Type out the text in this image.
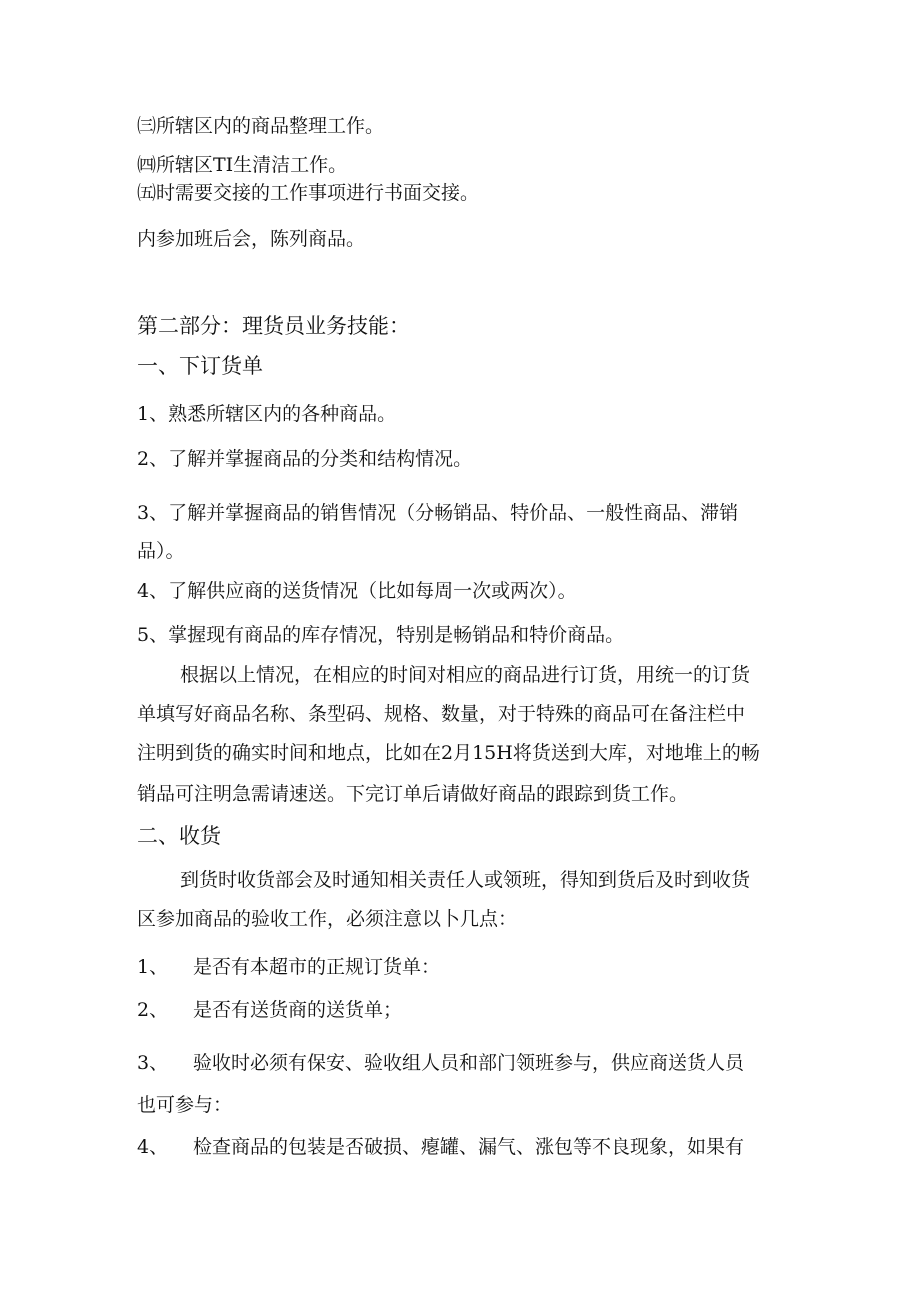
㈢所辖区内的商品整理工作。

㈣所辖区TI生清洁工作。

㈤时需要交接的工作事项进行书面交接。

内参加班后会，陈列商品。

第二部分：理货员业务技能：

一、下订货单

1、熟悉所辖区内的各种商品。

2、了解并掌握商品的分类和结构情况。

3、了解并掌握商品的销售情况（分畅销品、特价品、一般性商品、滞销

品）。

4、了解供应商的送货情况（比如每周一次或两次）。

5、掌握现有商品的库存情况，特别是畅销品和特价商品。

根据以上情况，在相应的时间对相应的商品进行订货，用统一的订货

单填写好商品名称、条型码、规格、数量，对于特殊的商品可在备注栏中

注明到货的确实时间和地点，比如在2月15H将货送到大库，对地堆上的畅

销品可注明急需请速送。下完订单后请做好商品的跟踪到货工作。

二、收货

到货时收货部会及时通知相关责任人或领班，得知到货后及时到收货

区参加商品的验收工作，必须注意以卜几点：

1、 是否有本超市的正规订货单：

2、 是否有送货商的送货单；

3、 验收时必须有保安、验收组人员和部门领班参与，供应商送货人员

也可参与：

4、 检查商品的包装是否破损、瘪罐、漏气、涨包等不良现象，如果有
